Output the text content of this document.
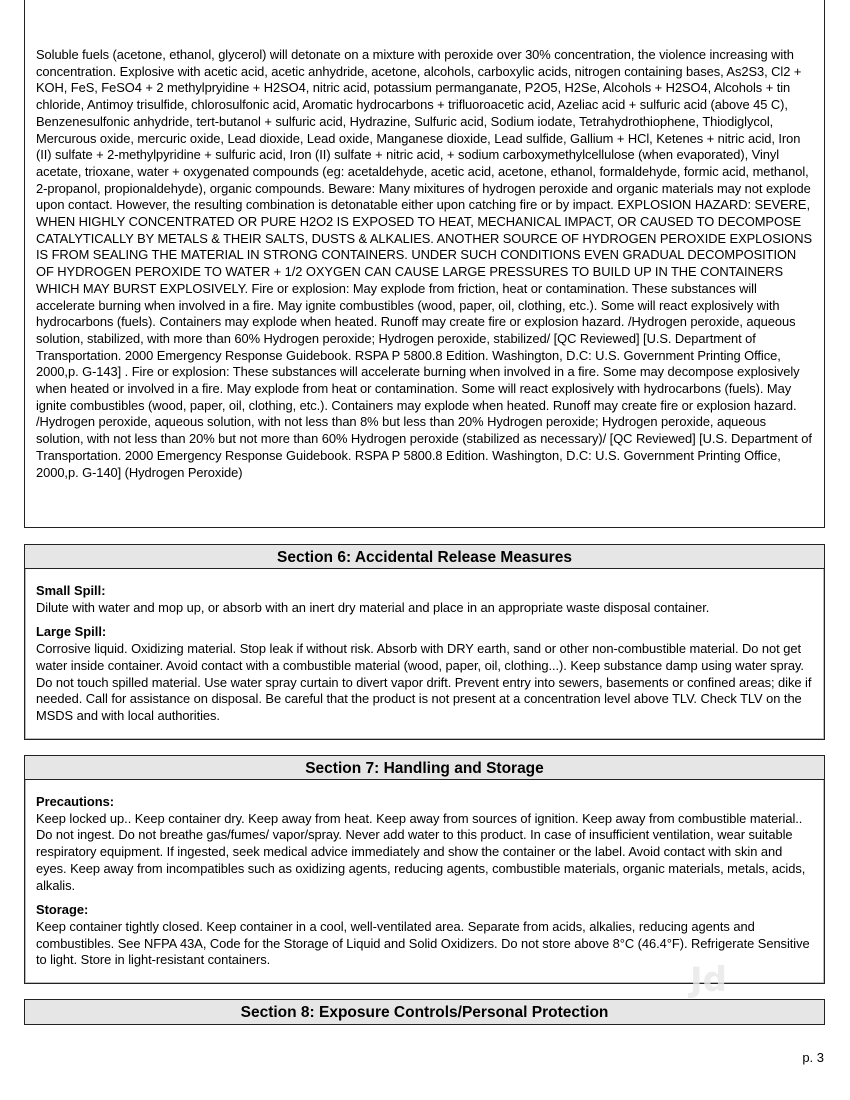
Soluble fuels (acetone, ethanol, glycerol) will detonate on a mixture with peroxide over 30% concentration, the violence increasing with concentration. Explosive with acetic acid, acetic anhydride, acetone, alcohols, carboxylic acids, nitrogen containing bases, As2S3, Cl2 + KOH, FeS, FeSO4 + 2 methylpryidine + H2SO4, nitric acid, potassium permanganate, P2O5, H2Se, Alcohols + H2SO4, Alcohols + tin chloride, Antimoy trisulfide, chlorosulfonic acid, Aromatic hydrocarbons + trifluoroacetic acid, Azeliac acid + sulfuric acid (above 45 C), Benzenesulfonic anhydride, tert-butanol + sulfuric acid, Hydrazine, Sulfuric acid, Sodium iodate, Tetrahydrothiophene, Thiodiglycol, Mercurous oxide, mercuric oxide, Lead dioxide, Lead oxide, Manganese dioxide, Lead sulfide, Gallium + HCl, Ketenes + nitric acid, Iron (II) sulfate + 2-methylpyridine + sulfuric acid, Iron (II) sulfate + nitric acid, + sodium carboxymethylcellulose (when evaporated), Vinyl acetate, trioxane, water + oxygenated compounds (eg: acetaldehyde, acetic acid, acetone, ethanol, formaldehyde, formic acid, methanol, 2-propanol, propionaldehyde), organic compounds. Beware: Many mixitures of hydrogen peroxide and organic materials may not explode upon contact. However, the resulting combination is detonatable either upon catching fire or by impact. EXPLOSION HAZARD: SEVERE, WHEN HIGHLY CONCENTRATED OR PURE H2O2 IS EXPOSED TO HEAT, MECHANICAL IMPACT, OR CAUSED TO DECOMPOSE CATALYTICALLY BY METALS & THEIR SALTS, DUSTS & ALKALIES. ANOTHER SOURCE OF HYDROGEN PEROXIDE EXPLOSIONS IS FROM SEALING THE MATERIAL IN STRONG CONTAINERS. UNDER SUCH CONDITIONS EVEN GRADUAL DECOMPOSITION OF HYDROGEN PEROXIDE TO WATER + 1/2 OXYGEN CAN CAUSE LARGE PRESSURES TO BUILD UP IN THE CONTAINERS WHICH MAY BURST EXPLOSIVELY. Fire or explosion: May explode from friction, heat or contamination. These substances will accelerate burning when involved in a fire. May ignite combustibles (wood, paper, oil, clothing, etc.). Some will react explosively with hydrocarbons (fuels). Containers may explode when heated. Runoff may create fire or explosion hazard. /Hydrogen peroxide, aqueous solution, stabilized, with more than 60% Hydrogen peroxide; Hydrogen peroxide, stabilized/ [QC Reviewed] [U.S. Department of Transportation. 2000 Emergency Response Guidebook. RSPA P 5800.8 Edition. Washington, D.C: U.S. Government Printing Office, 2000,p. G-143] . Fire or explosion: These substances will accelerate burning when involved in a fire. Some may decompose explosively when heated or involved in a fire. May explode from heat or contamination. Some will react explosively with hydrocarbons (fuels). May ignite combustibles (wood, paper, oil, clothing, etc.). Containers may explode when heated. Runoff may create fire or explosion hazard. /Hydrogen peroxide, aqueous solution, with not less than 8% but less than 20% Hydrogen peroxide; Hydrogen peroxide, aqueous solution, with not less than 20% but not more than 60% Hydrogen peroxide (stabilized as necessary)/ [QC Reviewed] [U.S. Department of Transportation. 2000 Emergency Response Guidebook. RSPA P 5800.8 Edition. Washington, D.C: U.S. Government Printing Office, 2000,p. G-140] (Hydrogen Peroxide)
Section 6: Accidental Release Measures

Small Spill:

Dilute with water and mop up, or absorb with an inert dry material and place in an appropriate waste disposal container.

Large Spill:

Corrosive liquid. Oxidizing material. Stop leak if without risk. Absorb with DRY earth, sand or other non-combustible material. Do not get water inside container. Avoid contact with a combustible material (wood, paper, oil, clothing...). Keep substance damp using water spray. Do not touch spilled material. Use water spray curtain to divert vapor drift. Prevent entry into sewers, basements or confined areas; dike if needed. Call for assistance on disposal. Be careful that the product is not present at a concentration level above TLV. Check TLV on the MSDS and with local authorities.

Section 7: Handling and Storage

Precautions:

Keep locked up.. Keep container dry. Keep away from heat. Keep away from sources of ignition. Keep away from combustible material.. Do not ingest. Do not breathe gas/fumes/ vapor/spray. Never add water to this product. In case of insufficient ventilation, wear suitable respiratory equipment. If ingested, seek medical advice immediately and show the container or the label. Avoid contact with skin and eyes. Keep away from incompatibles such as oxidizing agents, reducing agents, combustible materials, organic materials, metals, acids, alkalis.

Storage:

Keep container tightly closed. Keep container in a cool, well-ventilated area. Separate from acids, alkalies, reducing agents and combustibles. See NFPA 43A, Code for the Storage of Liquid and Solid Oxidizers. Do not store above 8°C (46.4°F). Refrigerate Sensitive to light. Store in light-resistant containers.

Section 8: Exposure Controls/Personal Protection
Jd
p. 3
